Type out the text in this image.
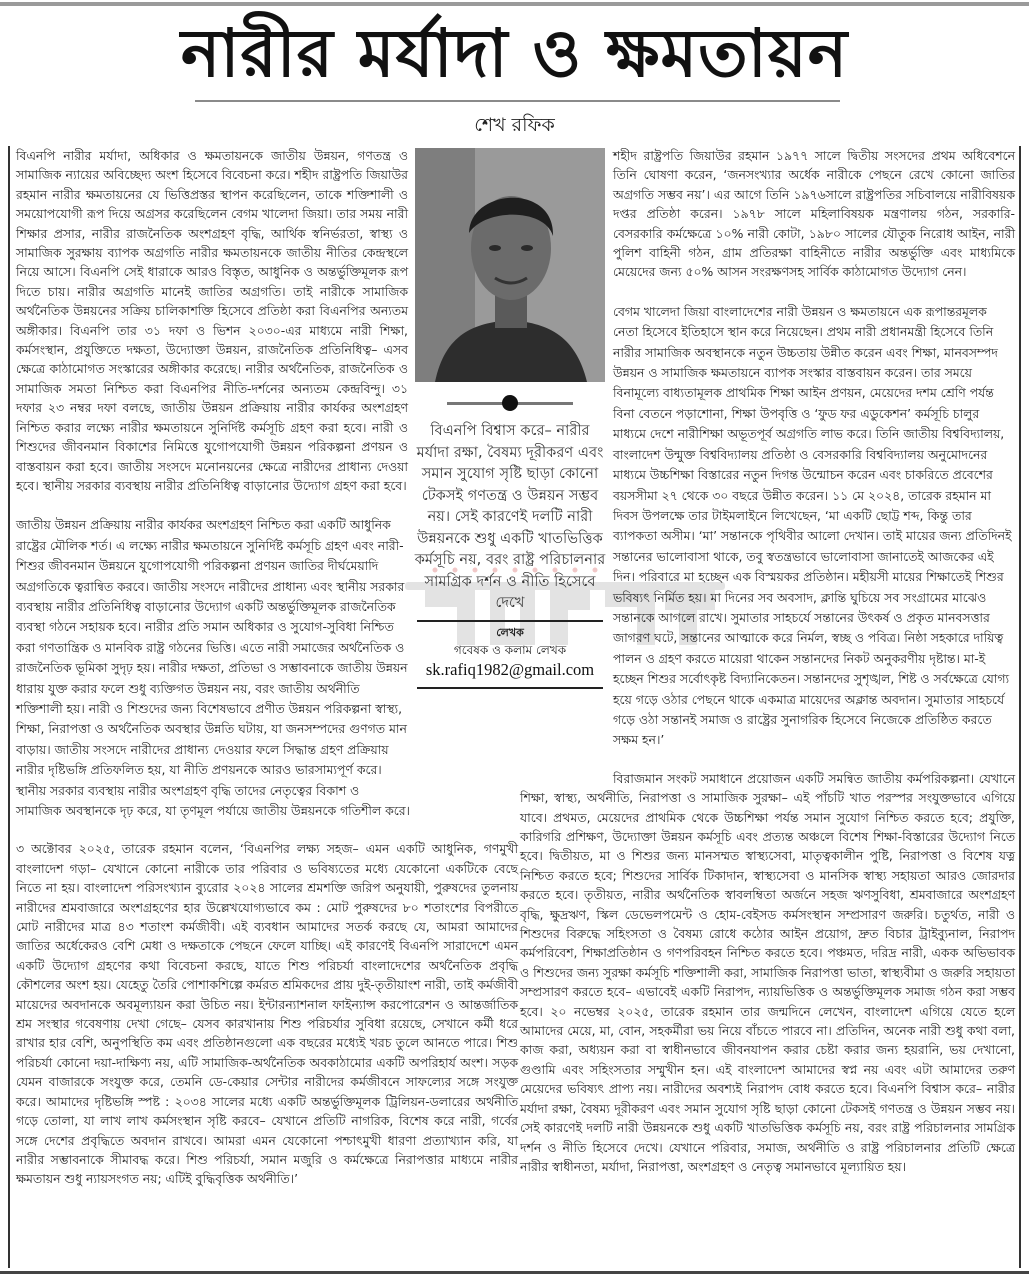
নারীর মর্যাদা ও ক্ষমতায়ন
শেখ রফিক

বিএনপি নারীর মর্যাদা, অধিকার ও ক্ষমতায়নকে জাতীয় উন্নয়ন, গণতন্ত্র ও সামাজিক ন্যায়ের অবিচ্ছেদ্য অংশ হিসেবে বিবেচনা করে। শহীদ রাষ্ট্রপতি জিয়াউর রহমান নারীর ক্ষমতায়নের যে ভিত্তিপ্রস্তর স্থাপন করেছিলেন, তাকে শক্তিশালী ও সময়োপযোগী রূপ দিয়ে অগ্রসর করেছিলেন বেগম খালেদা জিয়া। তার সময় নারী শিক্ষার প্রসার, নারীর রাজনৈতিক অংশগ্রহণ বৃদ্ধি, আর্থিক স্বনির্ভরতা, স্বাস্থ্য ও সামাজিক সুরক্ষায় ব্যাপক অগ্রগতি নারীর ক্ষমতায়নকে জাতীয় নীতির কেন্দ্রস্থলে নিয়ে আসে। বিএনপি সেই ধারাকে আরও বিস্তৃত, আধুনিক ও অন্তর্ভুক্তিমূলক রূপ দিতে চায়। নারীর অগ্রগতি মানেই জাতির অগ্রগতি। তাই নারীকে সামাজিক অর্থনৈতিক উন্নয়নের সক্রিয় চালিকাশক্তি হিসেবে প্রতিষ্ঠা করা বিএনপির অন্যতম অঙ্গীকার। বিএনপি তার ৩১ দফা ও ভিশন ২০৩০-এর মাধ্যমে নারী শিক্ষা, কর্মসংস্থান, প্রযুক্তিতে দক্ষতা, উদ্যোক্তা উন্নয়ন, রাজনৈতিক প্রতিনিধিত্ব– এসব ক্ষেত্রে কাঠামোগত সংস্কারের অঙ্গীকার করেছে। নারীর অর্থনৈতিক, রাজনৈতিক ও সামাজিক সমতা নিশ্চিত করা বিএনপির নীতি-দর্শনের অন্যতম কেন্দ্রবিন্দু। ৩১ দফার ২৩ নম্বর দফা বলছে, জাতীয় উন্নয়ন প্রক্রিয়ায় নারীর কার্যকর অংশগ্রহণ নিশ্চিত করার লক্ষ্যে নারীর ক্ষমতায়নে সুনির্দিষ্ট কর্মসূচি গ্রহণ করা হবে। নারী ও শিশুদের জীবনমান বিকাশের নিমিত্তে যুগোপযোগী উন্নয়ন পরিকল্পনা প্রণয়ন ও বাস্তবায়ন করা হবে। জাতীয় সংসদে মনোনয়নের ক্ষেত্রে নারীদের প্রাধান্য দেওয়া হবে। স্থানীয় সরকার ব্যবস্থায় নারীর প্রতিনিধিত্ব বাড়ানোর উদ্যোগ গ্রহণ করা হবে।

জাতীয় উন্নয়ন প্রক্রিয়ায় নারীর কার্যকর অংশগ্রহণ নিশ্চিত করা একটি আধুনিক রাষ্ট্রের মৌলিক শর্ত। এ লক্ষ্যে নারীর ক্ষমতায়নে সুনির্দিষ্ট কর্মসূচি গ্রহণ এবং নারী-শিশুর জীবনমান উন্নয়নে যুগোপযোগী পরিকল্পনা প্রণয়ন জাতির দীর্ঘমেয়াদি অগ্রগতিকে ত্বরান্বিত করবে। জাতীয় সংসদে নারীদের প্রাধান্য এবং স্থানীয় সরকার ব্যবস্থায় নারীর প্রতিনিধিত্ব বাড়ানোর উদ্যোগ একটি অন্তর্ভুক্তিমূলক রাজনৈতিক ব্যবস্থা গঠনে সহায়ক হবে। নারীর প্রতি সমান অধিকার ও সুযোগ-সুবিধা নিশ্চিত করা গণতান্ত্রিক ও মানবিক রাষ্ট্র গঠনের ভিত্তি। এতে নারী সমাজের অর্থনৈতিক ও রাজনৈতিক ভূমিকা সুদৃঢ় হয়। নারীর দক্ষতা, প্রতিভা ও সম্ভাবনাকে জাতীয় উন্নয়ন ধারায় যুক্ত করার ফলে শুধু ব্যক্তিগত উন্নয়ন নয়, বরং জাতীয় অর্থনীতি শক্তিশালী হয়। নারী ও শিশুদের জন্য বিশেষভাবে প্রণীত উন্নয়ন পরিকল্পনা স্বাস্থ্য, শিক্ষা, নিরাপত্তা ও অর্থনৈতিক অবস্থার উন্নতি ঘটায়, যা জনসম্পদের গুণগত মান বাড়ায়। জাতীয় সংসদে নারীদের প্রাধান্য

দেওয়ার ফলে সিদ্ধান্ত গ্রহণ প্রক্রিয়ায় নারীর দৃষ্টিভঙ্গি প্রতিফলিত হয়, যা নীতি প্রণয়নকে আরও ভারসাম্যপূর্ণ করে। স্থানীয় সরকার ব্যবস্থায় নারীর অংশগ্রহণ বৃদ্ধি তাদের নেতৃত্বের বিকাশ ও সামাজিক অবস্থানকে দৃঢ় করে, যা তৃণমূল পর্যায়ে জাতীয় উন্নয়নকে গতিশীল করে।

৩ অক্টোবর ২০২৫, তারেক রহমান বলেন, ‘বিএনপির লক্ষ্য সহজ– এমন একটি আধুনিক, গণমুখী বাংলাদেশ গড়া– যেখানে কোনো নারীকে তার পরিবার ও ভবিষ্যতের মধ্যে যেকোনো একটিকে বেছে নিতে না হয়। বাংলাদেশ পরিসংখ্যান ব্যুরোর ২০২৪ সালের শ্রমশক্তি জরিপ অনুযায়ী, পুরুষদের তুলনায় নারীদের শ্রমবাজারে অংশগ্রহণের হার উল্লেখযোগ্যভাবে কম : মোট পুরুষদের ৮০ শতাংশের বিপরীতে মোট নারীদের মাত্র ৪৩ শতাংশ কর্মজীবী। এই ব্যবধান আমাদের সতর্ক করছে যে, আমরা আমাদের জাতির অর্ধেকেরও বেশি মেধা ও দক্ষতাকে পেছনে ফেলে যাচ্ছি। এই কারণেই বিএনপি সারাদেশে এমন একটি উদ্যোগ গ্রহণের কথা বিবেচনা করছে, যাতে শিশু পরিচর্যা বাংলাদেশের অর্থনৈতিক প্রবৃদ্ধি কৌশলের অংশ হয়। যেহেতু তৈরি পোশাকশিল্পে কর্মরত শ্রমিকদের প্রায় দুই-তৃতীয়াংশ নারী, তাই কর্মজীবী মায়েদের অবদানকে অবমূল্যায়ন করা উচিত নয়। ইন্টারন্যাশনাল ফাইন্যান্স করপোরেশন ও আন্তর্জাতিক শ্রম সংস্থার গবেষণায় দেখা গেছে– যেসব কারখানায় শিশু পরিচর্যার সুবিধা রয়েছে, সেখানে কর্মী ধরে রাখার হার বেশি, অনুপস্থিতি কম এবং প্রতিষ্ঠানগুলো এক বছরের মধ্যেই খরচ তুলে আনতে পারে। শিশু পরিচর্যা কোনো দয়া-দাক্ষিণ্য নয়, এটি সামাজিক-অর্থনৈতিক অবকাঠামোর একটি অপরিহার্য অংশ। সড়ক যেমন বাজারকে সংযুক্ত করে, তেমনি ডে-কেয়ার সেন্টার নারীদের কর্মজীবনে সাফল্যের সঙ্গে সংযুক্ত করে। আমাদের দৃষ্টিভঙ্গি স্পষ্ট : ২০৩৪ সালের মধ্যে একটি অন্তর্ভুক্তিমূলক ট্রিলিয়ন-ডলারের অর্থনীতি গড়ে তোলা, যা লাখ লাখ কর্মসংস্থান সৃষ্টি করবে– যেখানে প্রতিটি নাগরিক, বিশেষ করে নারী, গর্বের সঙ্গে দেশের প্রবৃদ্ধিতে অবদান রাখবে। আমরা এমন যেকোনো পশ্চাৎমুখী ধারণা প্রত্যাখ্যান করি, যা নারীর সম্ভাবনাকে সীমাবদ্ধ করে। শিশু পরিচর্যা, সমান মজুরি ও কর্মক্ষেত্রে নিরাপত্তার মাধ্যমে নারীর ক্ষমতায়ন শুধু ন্যায়সংগত নয়; এটিই বুদ্ধিবৃত্তিক অর্থনীতি।’

বিএনপি বিশ্বাস করে– নারীর মর্যাদা রক্ষা, বৈষম্য দূরীকরণ এবং সমান সুযোগ সৃষ্টি ছাড়া কোনো টেকসই গণতন্ত্র ও উন্নয়ন সম্ভব নয়। সেই কারণেই দলটি নারী উন্নয়নকে শুধু একটি খাতভিত্তিক কর্মসূচি নয়, বরং রাষ্ট্র পরিচালনার সামগ্রিক দর্শন ও নীতি হিসেবে দেখে
লেখক
গবেষক ও কলাম লেখক
sk.rafiq1982@gmail.com

শহীদ রাষ্ট্রপতি জিয়াউর রহমান ১৯৭৭ সালে দ্বিতীয় সংসদের প্রথম অধিবেশনে তিনি ঘোষণা করেন, ‘জনসংখ্যার অর্ধেক নারীকে পেছনে রেখে কোনো জাতির অগ্রগতি সম্ভব নয়’। এর আগে তিনি ১৯৭৬সালে রাষ্ট্রপতির সচিবালয়ে নারীবিষয়ক দপ্তর প্রতিষ্ঠা করেন। ১৯৭৮ সালে মহিলাবিষয়ক মন্ত্রণালয় গঠন, সরকারি-বেসরকারি কর্মক্ষেত্রে ১০% নারী কোটা, ১৯৮০ সালের যৌতুক নিরোধ আইন, নারী পুলিশ বাহিনী গঠন, গ্রাম প্রতিরক্ষা বাহিনীতে নারীর অন্তর্ভুক্তি এবং মাধ্যমিকে মেয়েদের জন্য ৫০% আসন সংরক্ষণসহ সার্বিক কাঠামোগত উদ্যোগ নেন।

বেগম খালেদা জিয়া বাংলাদেশের নারী উন্নয়ন ও ক্ষমতায়নে এক রূপান্তরমূলক নেতা হিসেবে ইতিহাসে স্থান করে নিয়েছেন। প্রথম নারী প্রধানমন্ত্রী হিসেবে তিনি নারীর সামাজিক অবস্থানকে নতুন উচ্চতায় উন্নীত করেন এবং শিক্ষা, মানবসম্পদ উন্নয়ন ও সামাজিক ক্ষমতায়নে ব্যাপক সংস্কার বাস্তবায়ন করেন। তার সময়ে বিনামূল্যে বাধ্যতামূলক প্রাথমিক শিক্ষা আইন প্রণয়ন, মেয়েদের দশম শ্রেণি পর্যন্ত বিনা বেতনে পড়াশোনা, শিক্ষা উপবৃত্তি ও ‘ফুড ফর এডুকেশন’ কর্মসূচি চালুর মাধ্যমে দেশে নারীশিক্ষা অভূতপূর্ব অগ্রগতি লাভ করে। তিনি জাতীয় বিশ্ববিদ্যালয়, বাংলাদেশ উন্মুক্ত বিশ্ববিদ্যালয় প্রতিষ্ঠা ও বেসরকারি বিশ্ববিদ্যালয় অনুমোদনের মাধ্যমে উচ্চশিক্ষা বিস্তারের নতুন দিগন্ত উন্মোচন করেন এবং চাকরিতে প্রবেশের বয়সসীমা ২৭ থেকে ৩০ বছরে উন্নীত করেন। ১১ মে ২০২৪, তারেক রহমান মা দিবস উপলক্ষে তার টাইমলাইনে লিখেছেন, ‘মা একটি ছোট্ট শব্দ, কিন্তু তার ব্যাপকতা অসীম। ‘মা’ সন্তানকে পৃথিবীর আলো দেখান। তাই মায়ের জন্য প্রতিদিনই সন্তানের ভালোবাসা থাকে, তবু স্বতন্ত্রভাবে ভালোবাসা জানাতেই আজকের এই দিন। পরিবারে মা হচ্ছেন এক বিস্ময়কর প্রতিষ্ঠান। মহীয়সী মায়ের শিক্ষাতেই শিশুর ভবিষ্যৎ নির্মিত হয়। মা দিনের সব অবসাদ, ক্লান্তি ঘুচিয়ে সব সংগ্রামের মাঝেও সন্তানকে আগলে রাখে। সুমাতার সাহচর্যে সন্তানের উৎকর্ষ ও প্রকৃত মানবসত্তার জাগরণ ঘটে, সন্তানের আত্মাকে করে নির্মল, স্বচ্ছ ও পবিত্র। নিষ্ঠা সহকারে দায়িত্ব পালন ও গ্রহণ করতে মায়েরা থাকেন সন্তানদের নিকট অনুকরণীয় দৃষ্টান্ত। মা-ই হচ্ছেন শিশুর সর্বোৎকৃষ্ট বিদ্যানিকেতন। সন্তানদের সুশৃঙ্খল, শিষ্ট ও সর্বক্ষেত্রে যোগ্য হয়ে গড়ে ওঠার পেছনে থাকে একমাত্র মায়েদের অক্লান্ত অবদান। সুমাতার সাহচর্যে

গড়ে ওঠা সন্তানই সমাজ ও রাষ্ট্রের সুনাগরিক হিসেবে নিজেকে প্রতিষ্ঠিত করতে সক্ষম হন।’

বিরাজমান সংকট সমাধানে প্রয়োজন একটি সমন্বিত জাতীয় কর্মপরিকল্পনা। যেখানে শিক্ষা, স্বাস্থ্য, অর্থনীতি, নিরাপত্তা ও সামাজিক সুরক্ষা– এই পাঁচটি খাত পরস্পর সংযুক্তভাবে এগিয়ে যাবে। প্রথমত, মেয়েদের প্রাথমিক থেকে উচ্চশিক্ষা পর্যন্ত সমান সুযোগ নিশ্চিত করতে হবে; প্রযুক্তি, কারিগরি প্রশিক্ষণ, উদ্যোক্তা উন্নয়ন কর্মসূচি এবং প্রত্যন্ত অঞ্চলে বিশেষ শিক্ষা-বিস্তারের উদ্যোগ নিতে হবে। দ্বিতীয়ত, মা ও শিশুর জন্য মানসম্মত স্বাস্থ্যসেবা, মাতৃত্বকালীন পুষ্টি, নিরাপত্তা ও বিশেষ যত্ন নিশ্চিত করতে হবে; শিশুদের সার্বিক টিকাদান, স্বাস্থ্যসেবা ও মানসিক স্বাস্থ্য সহায়তা আরও জোরদার করতে হবে। তৃতীয়ত, নারীর অর্থনৈতিক স্বাবলম্বিতা অর্জনে সহজ ঋণসুবিধা, শ্রমবাজারে অংশগ্রহণ বৃদ্ধি, ক্ষুদ্রঋণ, স্কিল ডেভেলপমেন্ট ও হোম-বেইসড কর্মসংস্থান সম্প্রসারণ জরুরি। চতুর্থত, নারী ও শিশুদের বিরুদ্ধে সহিংসতা ও বৈষম্য রোধে কঠোর আইন প্রয়োগ, দ্রুত বিচার ট্রাইব্যুনাল, নিরাপদ কর্মপরিবেশ, শিক্ষাপ্রতিষ্ঠান ও গণপরিবহন নিশ্চিত করতে হবে। পঞ্চমত, দরিদ্র নারী, একক অভিভাবক ও শিশুদের জন্য সুরক্ষা কর্মসূচি শক্তিশালী করা, সামাজিক নিরাপত্তা ভাতা, স্বাস্থ্যবীমা ও জরুরি সহায়তা সম্প্রসারণ করতে হবে– এভাবেই একটি নিরাপদ, ন্যায়ভিত্তিক ও অন্তর্ভুক্তিমূলক সমাজ গঠন করা সম্ভব হবে। ২০ নভেম্বর ২০২৫, তারেক রহমান তার জন্মদিনে লেখেন, বাংলাদেশ এগিয়ে যেতে হলে আমাদের মেয়ে, মা, বোন, সহকর্মীরা ভয় নিয়ে বাঁচতে পারবে না। প্রতিদিন, অনেক নারী শুধু কথা বলা, কাজ করা, অধ্যয়ন করা বা স্বাধীনভাবে জীবনযাপন করার চেষ্টা করার জন্য হয়রানি, ভয় দেখানো, গুণ্ডামি এবং সহিংসতার সম্মুখীন হন। এই বাংলাদেশ আমাদের স্বপ্ন নয় এবং এটা আমাদের তরুণ মেয়েদের ভবিষ্যৎ প্রাপ্য নয়। নারীদের অবশ্যই নিরাপদ বোধ করতে হবে। বিএনপি বিশ্বাস করে– নারীর মর্যাদা রক্ষা, বৈষম্য দূরীকরণ এবং সমান সুযোগ সৃষ্টি ছাড়া কোনো টেকসই গণতন্ত্র ও উন্নয়ন সম্ভব নয়। সেই কারণেই দলটি নারী উন্নয়নকে শুধু একটি খাতভিত্তিক কর্মসূচি নয়, বরং রাষ্ট্র পরিচালনার সামগ্রিক দর্শন ও নীতি হিসেবে দেখে। যেখানে পরিবার, সমাজ, অর্থনীতি ও রাষ্ট্র পরিচালনার প্রতিটি ক্ষেত্রে নারীর স্বাধীনতা, মর্যাদা, নিরাপত্তা, অংশগ্রহণ ও নেতৃত্ব সমানভাবে মূল্যায়িত হয়।
